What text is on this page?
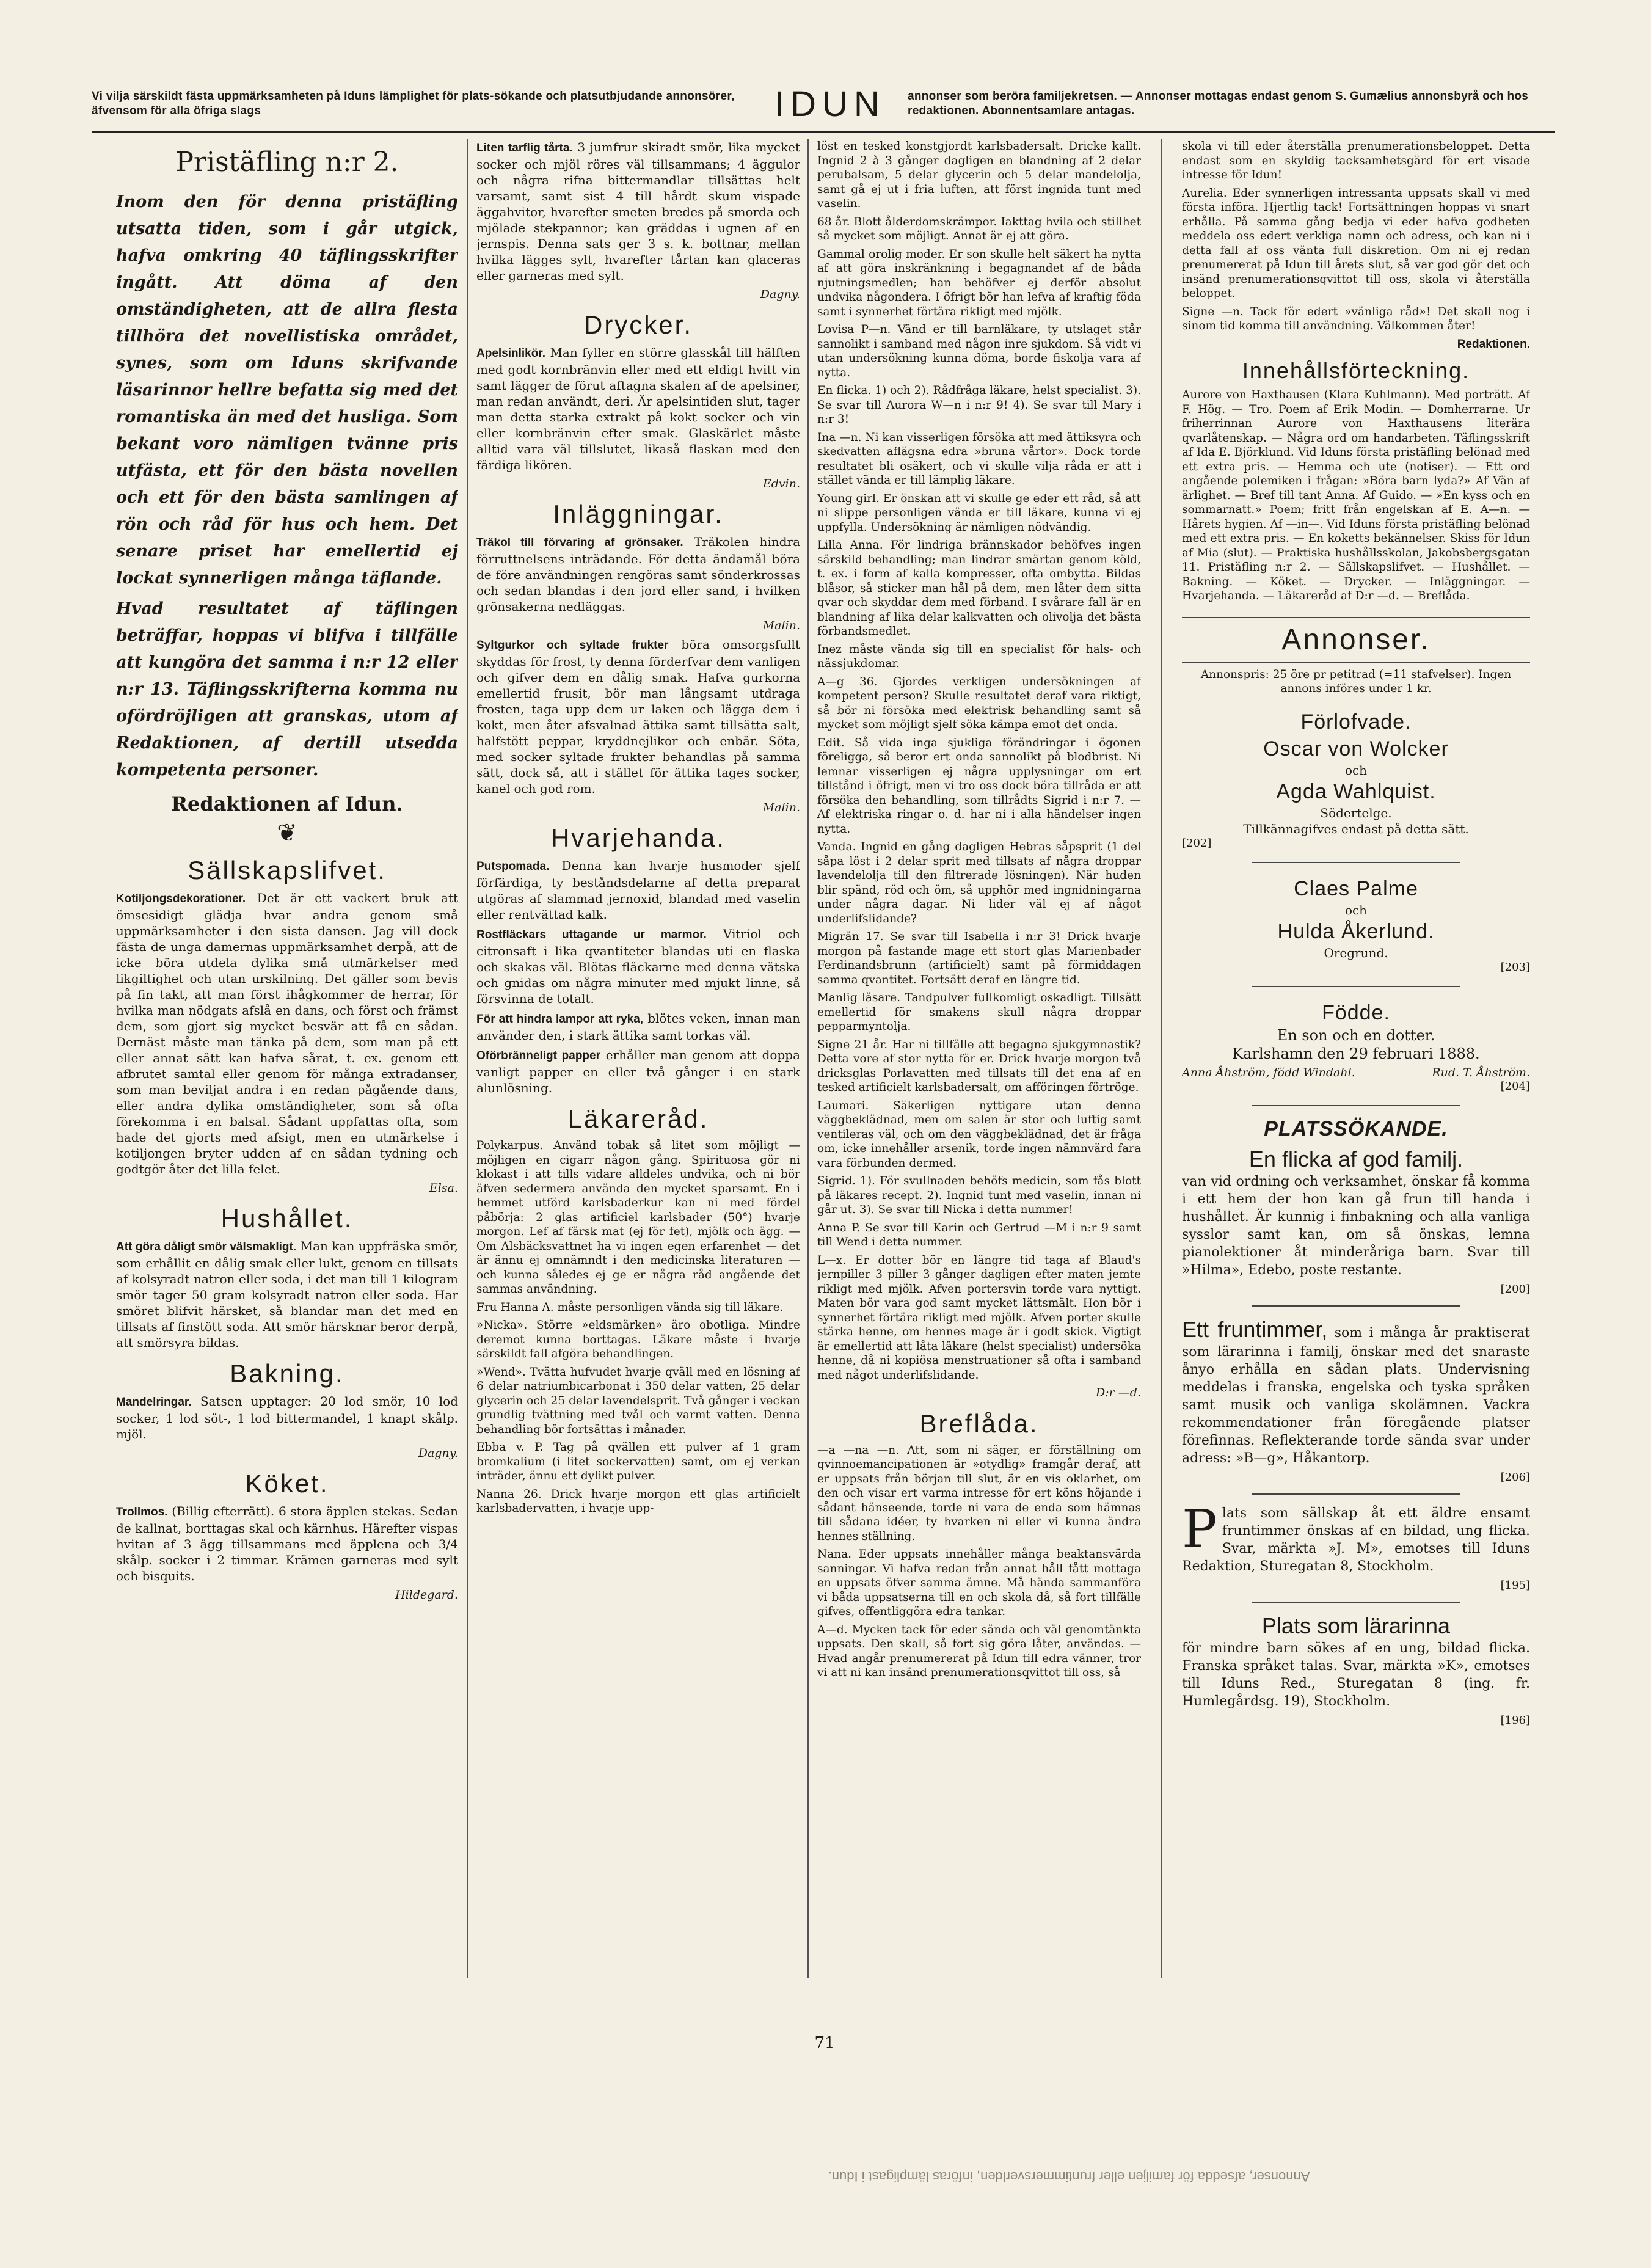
Vi vilja särskildt fästa uppmärksamheten på Iduns lämplighet för plats-sökande och platsutbjudande annonsörer, äfvensom för alla öfriga slags	IDUN annonser som beröra familjekretsen. — Annonser mottagas endast genom S. Gumælius annonsbyrå och hos redaktionen. Abonnentsamlare antagas.
Pristäfling n:r 2.

Inom den för denna pristäfling utsatta tiden, som i går utgick, hafva omkring 40 täflingsskrifter ingått. Att döma af den omständigheten, att de allra flesta tillhöra det novellistiska området, synes, som om Iduns skrifvande läsarinnor hellre befatta sig med det romantiska än med det husliga. Som bekant voro nämligen tvänne pris utfästa, ett för den bästa novellen och ett för den bästa samlingen af rön och råd för hus och hem. Det senare priset har emellertid ej lockat synnerligen många täflande.

Hvad resultatet af täflingen beträffar, hoppas vi blifva i tillfälle att kungöra det samma i n:r 12 eller n:r 13. Täflingsskrifterna komma nu ofördröjligen att granskas, utom af Redaktionen, af dertill utsedda kompetenta personer.

Redaktionen af Idun.
❦
Sällskapslifvet.

Kotiljongsdekorationer. Det är ett vackert bruk att ömsesidigt glädja hvar andra genom små uppmärksamheter i den sista dansen. Jag vill dock fästa de unga damernas uppmärksamhet derpå, att de icke böra utdela dylika små utmärkelser med likgiltighet och utan urskilning. Det gäller som bevis på fin takt, att man först ihågkommer de herrar, för hvilka man nödgats afslå en dans, och först och främst dem, som gjort sig mycket besvär att få en sådan. Dernäst måste man tänka på dem, som man på ett eller annat sätt kan hafva sårat, t. ex. genom ett afbrutet samtal eller genom för många extradanser, som man beviljat andra i en redan pågående dans, eller andra dylika omständigheter, som så ofta förekomma i en balsal. Sådant uppfattas ofta, som hade det gjorts med afsigt, men en utmärkelse i kotiljongen bryter udden af en sådan tydning och godtgör åter det lilla felet.

Elsa.
Hushållet.

Att göra dåligt smör välsmakligt. Man kan uppfräska smör, som erhållit en dålig smak eller lukt, genom en tillsats af kolsyradt natron eller soda, i det man till 1 kilogram smör tager 50 gram kolsyradt natron eller soda. Har smöret blifvit härsket, så blandar man det med en tillsats af finstött soda. Att smör härsknar beror derpå, att smörsyra bildas.

Bakning.

Mandelringar. Satsen upptager: 20 lod smör, 10 lod socker, 1 lod söt-, 1 lod bittermandel, 1 knapt skålp. mjöl.

Dagny.
Köket.

Trollmos. (Billig efterrätt). 6 stora äpplen stekas. Sedan de kallnat, borttagas skal och kärnhus. Härefter vispas hvitan af 3 ägg tillsammans med äpplena och 3/4 skålp. socker i 2 timmar. Krämen garneras med sylt och bisquits.

Hildegard.

Liten tarflig tårta. 3 jumfrur skiradt smör, lika mycket socker och mjöl röres väl tillsammans; 4 äggulor och några rifna bittermandlar tillsättas helt varsamt, samt sist 4 till hårdt skum vispade äggahvitor, hvarefter smeten bredes på smorda och mjölade stekpannor; kan gräddas i ugnen af en jernspis. Denna sats ger 3 s. k. bottnar, mellan hvilka lägges sylt, hvarefter tårtan kan glaceras eller garneras med sylt.

Dagny.
Drycker.

Apelsinlikör. Man fyller en större glasskål till hälften med godt kornbränvin eller med ett eldigt hvitt vin samt lägger de förut aftagna skalen af de apelsiner, man redan användt, deri. Är apelsintiden slut, tager man detta starka extrakt på kokt socker och vin eller kornbränvin efter smak. Glaskärlet måste alltid vara väl tillslutet, likaså flaskan med den färdiga likören.

Edvin.
Inläggningar.

Träkol till förvaring af grönsaker. Träkolen hindra förruttnelsens inträdande. För detta ändamål böra de före användningen rengöras samt sönderkrossas och sedan blandas i den jord eller sand, i hvilken grönsakerna nedläggas.

Malin.

Syltgurkor och syltade frukter böra omsorgsfullt skyddas för frost, ty denna förderfvar dem vanligen och gifver dem en dålig smak. Hafva gurkorna emellertid frusit, bör man långsamt utdraga frosten, taga upp dem ur laken och lägga dem i kokt, men åter afsvalnad ättika samt tillsätta salt, halfstött peppar, kryddnejlikor och enbär. Söta, med socker syltade frukter behandlas på samma sätt, dock så, att i stället för ättika tages socker, kanel och god rom.

Malin.
Hvarjehanda.

Putspomada. Denna kan hvarje husmoder sjelf förfärdiga, ty beståndsdelarne af detta preparat utgöras af slammad jernoxid, blandad med vaselin eller rentvättad kalk.

Rostfläckars uttagande ur marmor. Vitriol och citronsaft i lika qvantiteter blandas uti en flaska och skakas väl. Blötas fläckarne med denna vätska och gnidas om några minuter med mjukt linne, så försvinna de totalt.

För att hindra lampor att ryka, blötes veken, innan man använder den, i stark ättika samt torkas väl.

Oförbränneligt papper erhåller man genom att doppa vanligt papper en eller två gånger i en stark alunlösning.

Läkareråd.

Polykarpus. Använd tobak så litet som möjligt — möjligen en cigarr någon gång. Spirituosa gör ni klokast i att tills vidare alldeles undvika, och ni bör äfven sedermera använda den mycket sparsamt. En i hemmet utförd karlsbaderkur kan ni med fördel påbörja: 2 glas artificiel karlsbader (50°) hvarje morgon. Lef af färsk mat (ej för fet), mjölk och ägg. — Om Alsbäcksvattnet ha vi ingen egen erfarenhet — det är ännu ej omnämndt i den medicinska literaturen — och kunna således ej ge er några råd angående det sammas användning.

Fru Hanna A. måste personligen vända sig till läkare.

»Nicka». Större »eldsmärken» äro obotliga. Mindre deremot kunna borttagas. Läkare måste i hvarje särskildt fall afgöra behandlingen.

»Wend». Tvätta hufvudet hvarje qväll med en lösning af 6 delar natriumbicarbonat i 350 delar vatten, 25 delar glycerin och 25 delar lavendelsprit. Två gånger i veckan grundlig tvättning med tvål och varmt vatten. Denna behandling bör fortsättas i månader.

Ebba v. P. Tag på qvällen ett pulver af 1 gram bromkalium (i litet sockervatten) samt, om ej verkan inträder, ännu ett dylikt pulver.

Nanna 26. Drick hvarje morgon ett glas artificielt karlsbadervatten, i hvarje upp-

löst en tesked konstgjordt karlsbadersalt. Dricke kallt. Ingnid 2 à 3 gånger dagligen en blandning af 2 delar perubalsam, 5 delar glycerin och 5 delar mandelolja, samt gå ej ut i fria luften, att först ingnida tunt med vaselin.

68 år. Blott ålderdomskrämpor. Iakttag hvila och stillhet så mycket som möjligt. Annat är ej att göra.

Gammal orolig moder. Er son skulle helt säkert ha nytta af att göra inskränkning i begagnandet af de båda njutningsmedlen; han behöfver ej derför absolut undvika någondera. I öfrigt bör han lefva af kraftig föda samt i synnerhet förtära rikligt med mjölk.

Lovisa P—n. Vänd er till barnläkare, ty utslaget står sannolikt i samband med någon inre sjukdom. Så vidt vi utan undersökning kunna döma, borde fiskolja vara af nytta.

En flicka. 1) och 2). Rådfråga läkare, helst specialist. 3). Se svar till Aurora W—n i n:r 9! 4). Se svar till Mary i n:r 3!

Ina —n. Ni kan visserligen försöka att med ättiksyra och skedvatten aflägsna edra »bruna vårtor». Dock torde resultatet bli osäkert, och vi skulle vilja råda er att i stället vända er till lämplig läkare.

Young girl. Er önskan att vi skulle ge eder ett råd, så att ni slippe personligen vända er till läkare, kunna vi ej uppfylla. Undersökning är nämligen nödvändig.

Lilla Anna. För lindriga brännskador behöfves ingen särskild behandling; man lindrar smärtan genom köld, t. ex. i form af kalla kompresser, ofta ombytta. Bildas blåsor, så sticker man hål på dem, men låter dem sitta qvar och skyddar dem med förband. I svårare fall är en blandning af lika delar kalkvatten och olivolja det bästa förbandsmedlet.

Inez måste vända sig till en specialist för hals- och nässjukdomar.

A—g 36. Gjordes verkligen undersökningen af kompetent person? Skulle resultatet deraf vara riktigt, så bör ni försöka med elektrisk behandling samt så mycket som möjligt sjelf söka kämpa emot det onda.

Edit. Så vida inga sjukliga förändringar i ögonen föreligga, så beror ert onda sannolikt på blodbrist. Ni lemnar visserligen ej några upplysningar om ert tillstånd i öfrigt, men vi tro oss dock böra tillråda er att försöka den behandling, som tillrådts Sigrid i n:r 7. — Af elektriska ringar o. d. har ni i alla händelser ingen nytta.

Vanda. Ingnid en gång dagligen Hebras såpsprit (1 del såpa löst i 2 delar sprit med tillsats af några droppar lavendelolja till den filtrerade lösningen). När huden blir spänd, röd och öm, så upphör med ingnidningarna under några dagar. Ni lider väl ej af något underlifslidande?

Migrän 17. Se svar till Isabella i n:r 3! Drick hvarje morgon på fastande mage ett stort glas Marienbader Ferdinandsbrunn (artificielt) samt på förmiddagen samma qvantitet. Fortsätt deraf en längre tid.

Manlig läsare. Tandpulver fullkomligt oskadligt. Tillsätt emellertid för smakens skull några droppar pepparmyntolja.

Signe 21 år. Har ni tillfälle att begagna sjukgymnastik? Detta vore af stor nytta för er. Drick hvarje morgon två dricksglas Porlavatten med tillsats till det ena af en tesked artificielt karlsbadersalt, om afföringen förtröge.

Laumari. Säkerligen nyttigare utan denna väggbeklädnad, men om salen är stor och luftig samt ventileras väl, och om den väggbeklädnad, det är fråga om, icke innehåller arsenik, torde ingen nämnvärd fara vara förbunden dermed.

Sigrid. 1). För svullnaden behöfs medicin, som fås blott på läkares recept. 2). Ingnid tunt med vaselin, innan ni går ut. 3). Se svar till Nicka i detta nummer!

Anna P. Se svar till Karin och Gertrud —M i n:r 9 samt till Wend i detta nummer.

L—x. Er dotter bör en längre tid taga af Blaud's jernpiller 3 piller 3 gånger dagligen efter maten jemte rikligt med mjölk. Afven portersvin torde vara nyttigt. Maten bör vara god samt mycket lättsmält. Hon bör i synnerhet förtära rikligt med mjölk. Afven porter skulle stärka henne, om hennes mage är i godt skick. Vigtigt är emellertid att låta läkare (helst specialist) undersöka henne, då ni kopiösa menstruationer så ofta i samband med något underlifslidande.

D:r —d.
Breflåda.

—a —na —n. Att, som ni säger, er förställning om qvinnoemancipationen är »otydlig» framgår deraf, att er uppsats från början till slut, är en vis oklarhet, om den och visar ert varma intresse för ert köns höjande i sådant hänseende, torde ni vara de enda som hämnas till sådana idéer, ty hvarken ni eller vi kunna ändra hennes ställning.

Nana. Eder uppsats innehåller många beaktansvärda sanningar. Vi hafva redan från annat håll fått mottaga en uppsats öfver samma ämne. Må hända sammanföra vi båda uppsatserna till en och skola då, så fort tillfälle gifves, offentliggöra edra tankar.

A—d. Mycken tack för eder sända och väl genomtänkta uppsats. Den skall, så fort sig göra låter, användas. — Hvad angår prenumererat på Idun till edra vänner, tror vi att ni kan insänd prenumerationsqvittot till oss, så

skola vi till eder återställa prenumerationsbeloppet. Detta endast som en skyldig tacksamhetsgärd för ert visade intresse för Idun!

Aurelia. Eder synnerligen intressanta uppsats skall vi med första införa. Hjertlig tack! Fortsättningen hoppas vi snart erhålla. På samma gång bedja vi eder hafva godheten meddela oss edert verkliga namn och adress, och kan ni i detta fall af oss vänta full diskretion. Om ni ej redan prenumererat på Idun till årets slut, så var god gör det och insänd prenumerationsqvittot till oss, skola vi återställa beloppet.

Signe —n. Tack för edert »vänliga råd»! Det skall nog i sinom tid komma till användning. Välkommen åter!

Redaktionen.
Innehållsförteckning.

Aurore von Haxthausen (Klara Kuhlmann). Med porträtt. Af F. Hög. — Tro. Poem af Erik Modin. — Domherrarne. Ur friherrinnan Aurore von Haxthausens literära qvarlåtenskap. — Några ord om handarbeten. Täflingsskrift af Ida E. Björklund. Vid Iduns första pristäfling belönad med ett extra pris. — Hemma och ute (notiser). — Ett ord angående polemiken i frågan: »Böra barn lyda?» Af Vän af ärlighet. — Bref till tant Anna. Af Guido. — »En kyss och en sommarnatt.» Poem; fritt från engelskan af E. A—n. — Hårets hygien. Af —in—. Vid Iduns första pristäfling belönad med ett extra pris. — En koketts bekännelser. Skiss för Idun af Mia (slut). — Praktiska hushållsskolan, Jakobsbergsgatan 11. Pristäfling n:r 2. — Sällskapslifvet. — Hushållet. — Bakning. — Köket. — Drycker. — Inläggningar. — Hvarjehanda. — Läkareråd af D:r —d. — Breflåda.

Annonser.

Annonspris: 25 öre pr petitrad (=11 stafvelser). Ingen annons införes under 1 kr.

Förlofvade.
Oscar von Wolcker
och
Agda Wahlquist.
Södertelge.
Tillkännagifves endast på detta sätt.
[202]
Claes Palme
och
Hulda Åkerlund.
Oregrund.
[203]
Födde.
En son och en dotter.
Karlshamn den 29 februari 1888.
Anna Åhström, född Windahl.	Rud. T. Åhström.
[204]
PLATSSÖKANDE.
En flicka af god familj.

van vid ordning och verksamhet, önskar få komma i ett hem der hon kan gå frun till handa i hushållet. Är kunnig i finbakning och alla vanliga sysslor samt kan, om så önskas, lemna pianolektioner åt minderåriga barn. Svar till »Hilma», Edebo, poste restante.

[200]

Ett fruntimmer, som i många år praktiserat som lärarinna i familj, önskar med det snaraste ånyo erhålla en sådan plats. Undervisning meddelas i franska, engelska och tyska språken samt musik och vanliga skolämnen. Vackra rekommendationer från föregående platser förefinnas. Reflekterande torde sända svar under adress: »B—g», Håkantorp.

[206]

Plats som sällskap åt ett äldre ensamt fruntimmer önskas af en bildad, ung flicka. Svar, märkta »J. M», emotses till Iduns Redaktion, Sturegatan 8, Stockholm.

[195]
Plats som lärarinna

för mindre barn sökes af en ung, bildad flicka. Franska språket talas. Svar, märkta »K», emotses till Iduns Red., Sturegatan 8 (ing. fr. Humlegårdsg. 19), Stockholm.

[196]
71
Annonser, afsedda för familjen eller fruntimmersverlden, införas lämpligast i Idun.
